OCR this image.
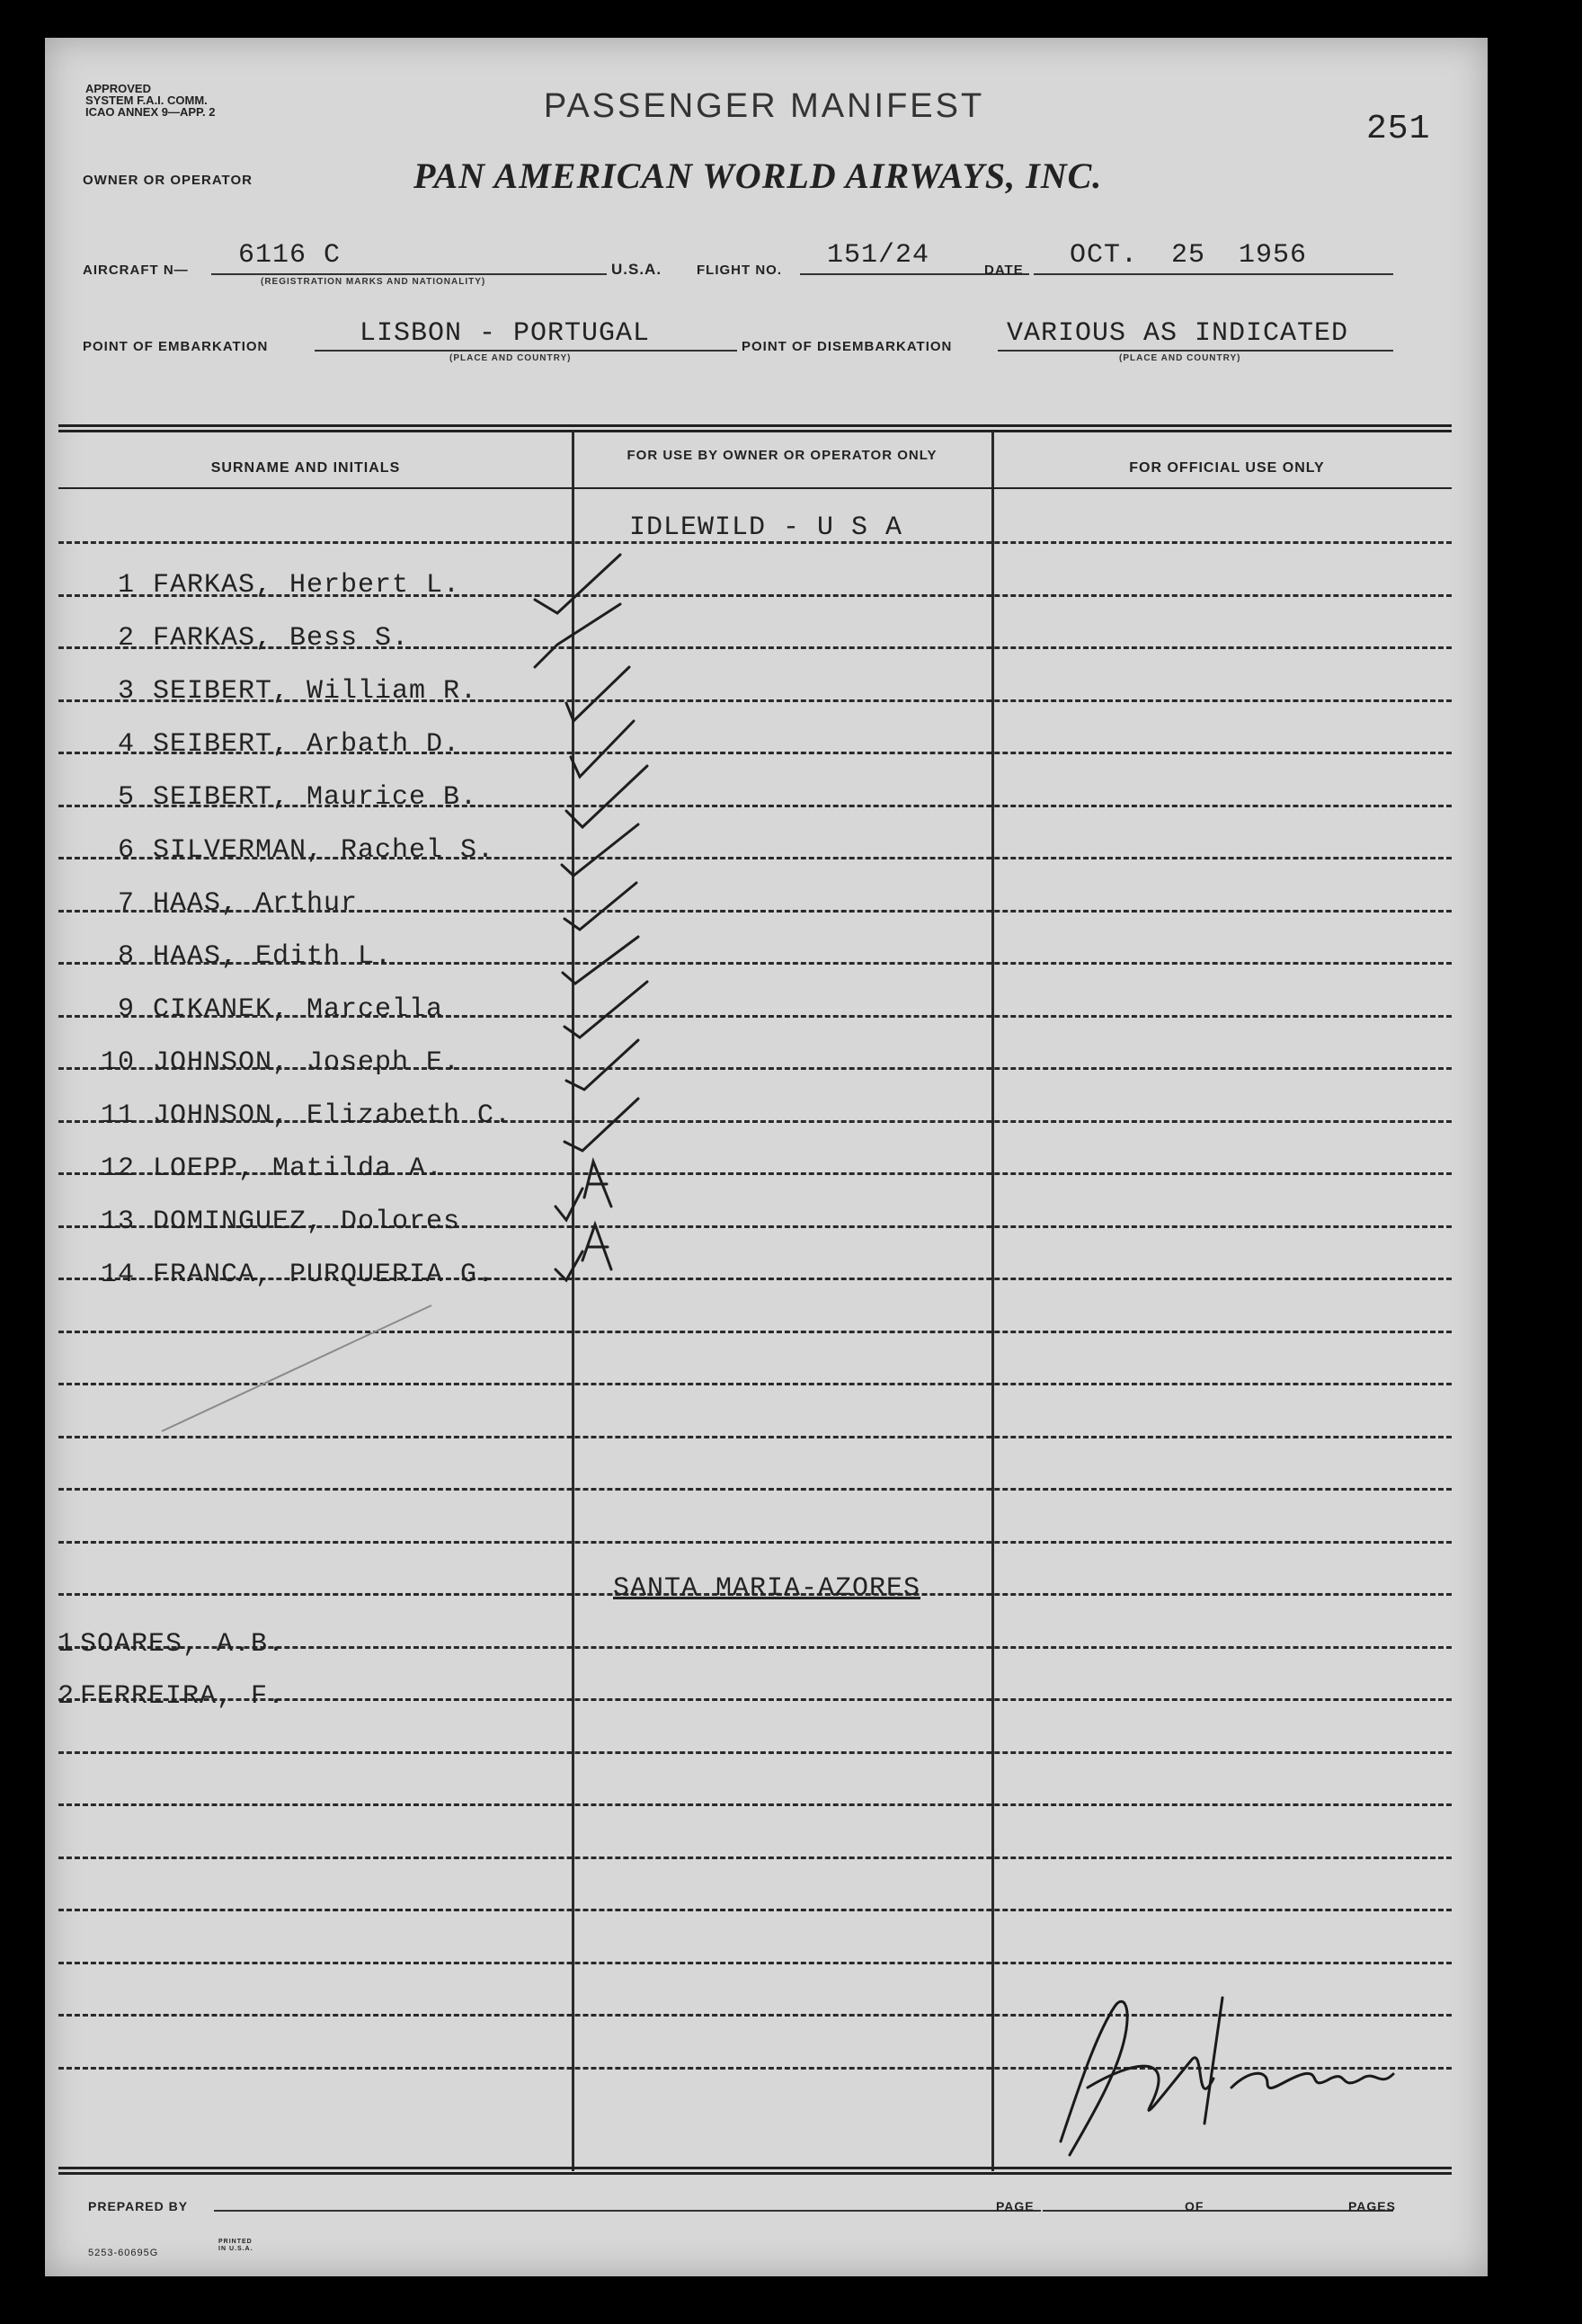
APPROVED
SYSTEM F.A.I. COMM.
ICAO ANNEX 9—APP. 2	PASSENGER MANIFEST
251
OWNER OR OPERATOR	PAN AMERICAN WORLD AIRWAYS, INC.
AIRCRAFT N— 6116 C
(REGISTRATION MARKS AND NATIONALITY)
U.S.A.	FLIGHT NO. 151/24	DATE OCT. 25 1956
POINT OF EMBARKATION	LISBON - PORTUGAL
(PLACE AND COUNTRY)
POINT OF DISEMBARKATION VARIOUS AS INDICATED
(PLACE AND COUNTRY)
SURNAME AND INITIALS
FOR USE BY OWNER OR OPERATOR ONLY
FOR OFFICIAL USE ONLY
IDLEWILD - U S A
SANTA MARIA-AZORES
1 FARKAS, Herbert L.
2 FARKAS, Bess S.
3 SEIBERT, William R.
4 SEIBERT, Arbath D.
5 SEIBERT, Maurice B.
6 SILVERMAN, Rachel S.
7 HAAS, Arthur
8 HAAS, Edith L.
9 CIKANEK, Marcella
10 JOHNSON, Joseph E.
11 JOHNSON, Elizabeth C.
12 LOEPP, Matilda A.
13 DOMINGUEZ, Dolores
14 FRANCA, PURQUERIA G.
1 SOARES, A.B.
2 FERREIRA, F.
PREPARED BY	PAGE	OF	PAGES
5253-60695G
PRINTED IN U.S.A.
